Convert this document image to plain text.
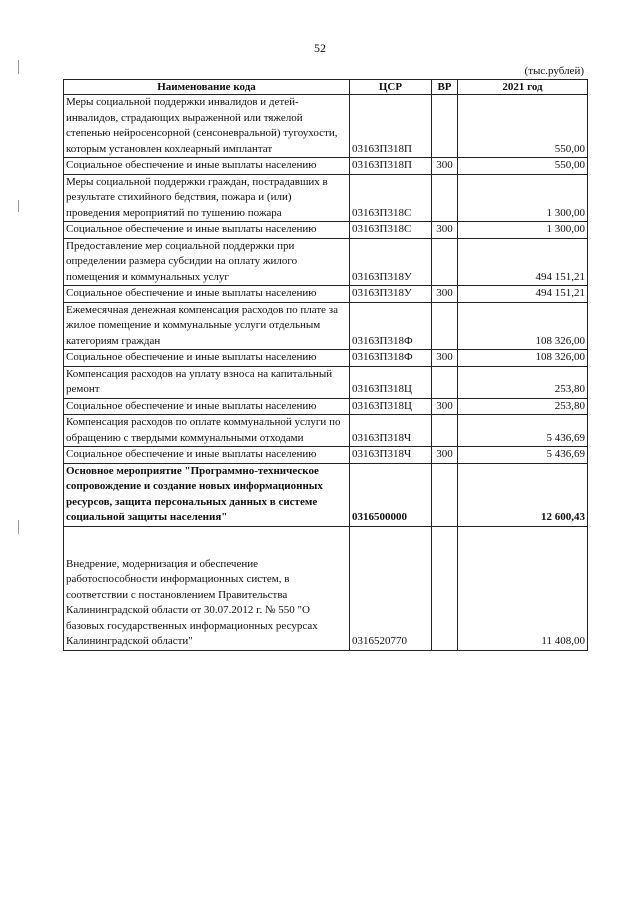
52
(тыс.рублей)
Наименование кода	ЦСР	ВР	2021 год
Меры социальной поддержки инвалидов и детей-инвалидов, страдающих выраженной или тяжелой степенью нейросенсорной (сенсоневральной) тугоухости, которым установлен кохлеарный имплантат	03163П318П		550,00
Социальное обеспечение и иные выплаты населению	03163П318П	300	550,00
Меры социальной поддержки граждан, пострадавших в результате стихийного бедствия, пожара и (или) проведения мероприятий по тушению пожара	03163П318С		1 300,00
Социальное обеспечение и иные выплаты населению	03163П318С	300	1 300,00
Предоставление мер социальной поддержки при определении размера субсидии на оплату жилого помещения и коммунальных услуг	03163П318У		494 151,21
Социальное обеспечение и иные выплаты населению	03163П318У	300	494 151,21
Ежемесячная денежная компенсация расходов по плате за жилое помещение и коммунальные услуги отдельным категориям граждан	03163П318Ф		108 326,00
Социальное обеспечение и иные выплаты населению	03163П318Ф	300	108 326,00
Компенсация расходов на уплату взноса на капитальный ремонт	03163П318Ц		253,80
Социальное обеспечение и иные выплаты населению	03163П318Ц	300	253,80
Компенсация расходов по оплате коммунальной услуги по обращению с твердыми коммунальными отходами	03163П318Ч		5 436,69
Социальное обеспечение и иные выплаты населению	03163П318Ч	300	5 436,69
Основное мероприятие "Программно-техническое сопровождение и создание новых информационных ресурсов, защита персональных данных в системе социальной защиты населения"	0316500000		12 600,43
Внедрение, модернизация и обеспечение работоспособности информационных систем, в соответствии с постановлением Правительства Калининградской области от 30.07.2012 г. № 550 "О базовых государственных информационных ресурсах Калининградской области"	0316520770		11 408,00
